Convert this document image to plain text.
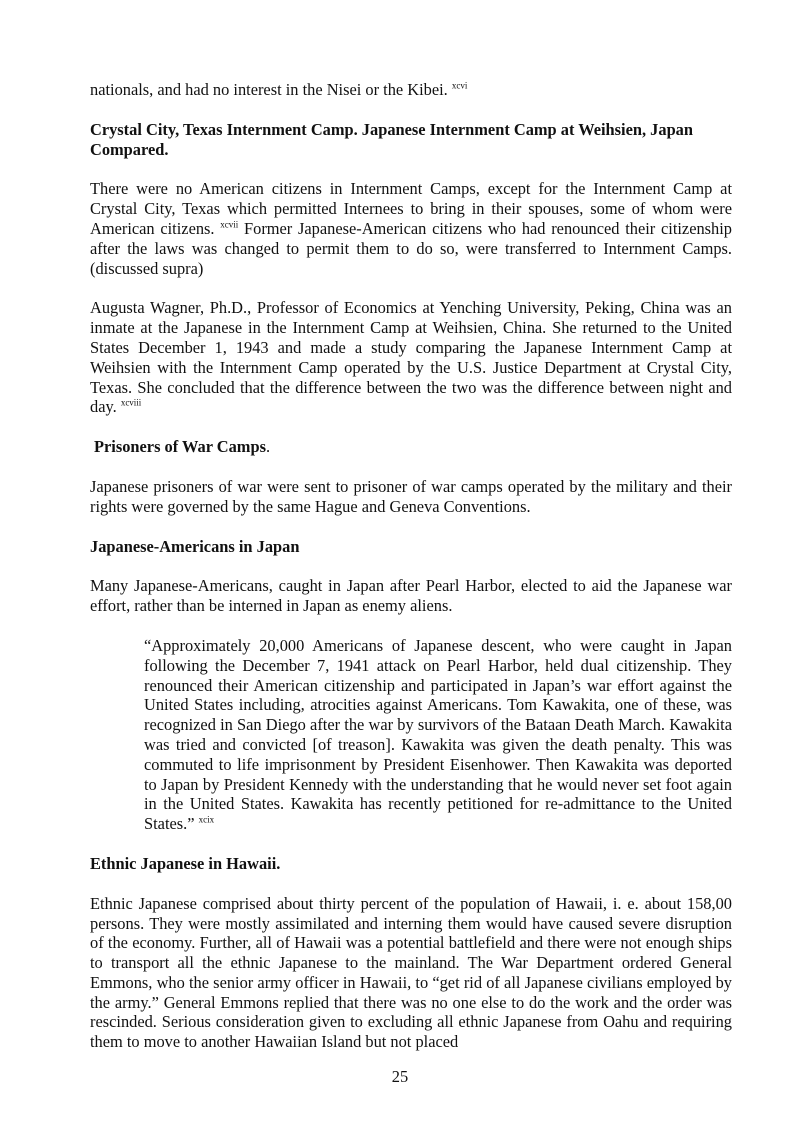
nationals, and had no interest in the Nisei or the Kibei. $^{xcvi}$

Crystal City, Texas Internment Camp. Japanese Internment Camp at Weihsien, Japan Compared.

There were no American citizens in Internment Camps, except for the Internment Camp at Crystal City, Texas which permitted Internees to bring in their spouses, some of whom were American citizens. $^{xcvii}$ Former Japanese-American citizens who had renounced their citizenship after the laws was changed to permit them to do so, were transferred to Internment Camps. (discussed supra)

Augusta Wagner, Ph.D., Professor of Economics at Yenching University, Peking, China was an inmate at the Japanese in the Internment Camp at Weihsien, China. She returned to the United States December 1, 1943 and made a study comparing the Japanese Internment Camp at Weihsien with the Internment Camp operated by the U.S. Justice Department at Crystal City, Texas. She concluded that the difference between the two was the difference between night and day. $^{xcviii}$

Prisoners of War Camps.

Japanese prisoners of war were sent to prisoner of war camps operated by the military and their rights were governed by the same Hague and Geneva Conventions.

Japanese-Americans in Japan

Many Japanese-Americans, caught in Japan after Pearl Harbor, elected to aid the Japanese war effort, rather than be interned in Japan as enemy aliens.

“Approximately 20,000 Americans of Japanese descent, who were caught in Japan following the December 7, 1941 attack on Pearl Harbor, held dual citizenship. They renounced their American citizenship and participated in Japan’s war effort against the United States including, atrocities against Americans. Tom Kawakita, one of these, was recognized in San Diego after the war by survivors of the Bataan Death March. Kawakita was tried and convicted [of treason]. Kawakita was given the death penalty. This was commuted to life imprisonment by President Eisenhower. Then Kawakita was deported to Japan by President Kennedy with the understanding that he would never set foot again in the United States. Kawakita has recently petitioned for re-admittance to the United States.” $^{xcix}$

Ethnic Japanese in Hawaii.

Ethnic Japanese comprised about thirty percent of the population of Hawaii, i. e. about 158,00 persons. They were mostly assimilated and interning them would have caused severe disruption of the economy. Further, all of Hawaii was a potential battlefield and there were not enough ships to transport all the ethnic Japanese to the mainland. The War Department ordered General Emmons, who the senior army officer in Hawaii, to “get rid of all Japanese civilians employed by the army.” General Emmons replied that there was no one else to do the work and the order was rescinded. Serious consideration given to excluding all ethnic Japanese from Oahu and requiring them to move to another Hawaiian Island but not placed

25
